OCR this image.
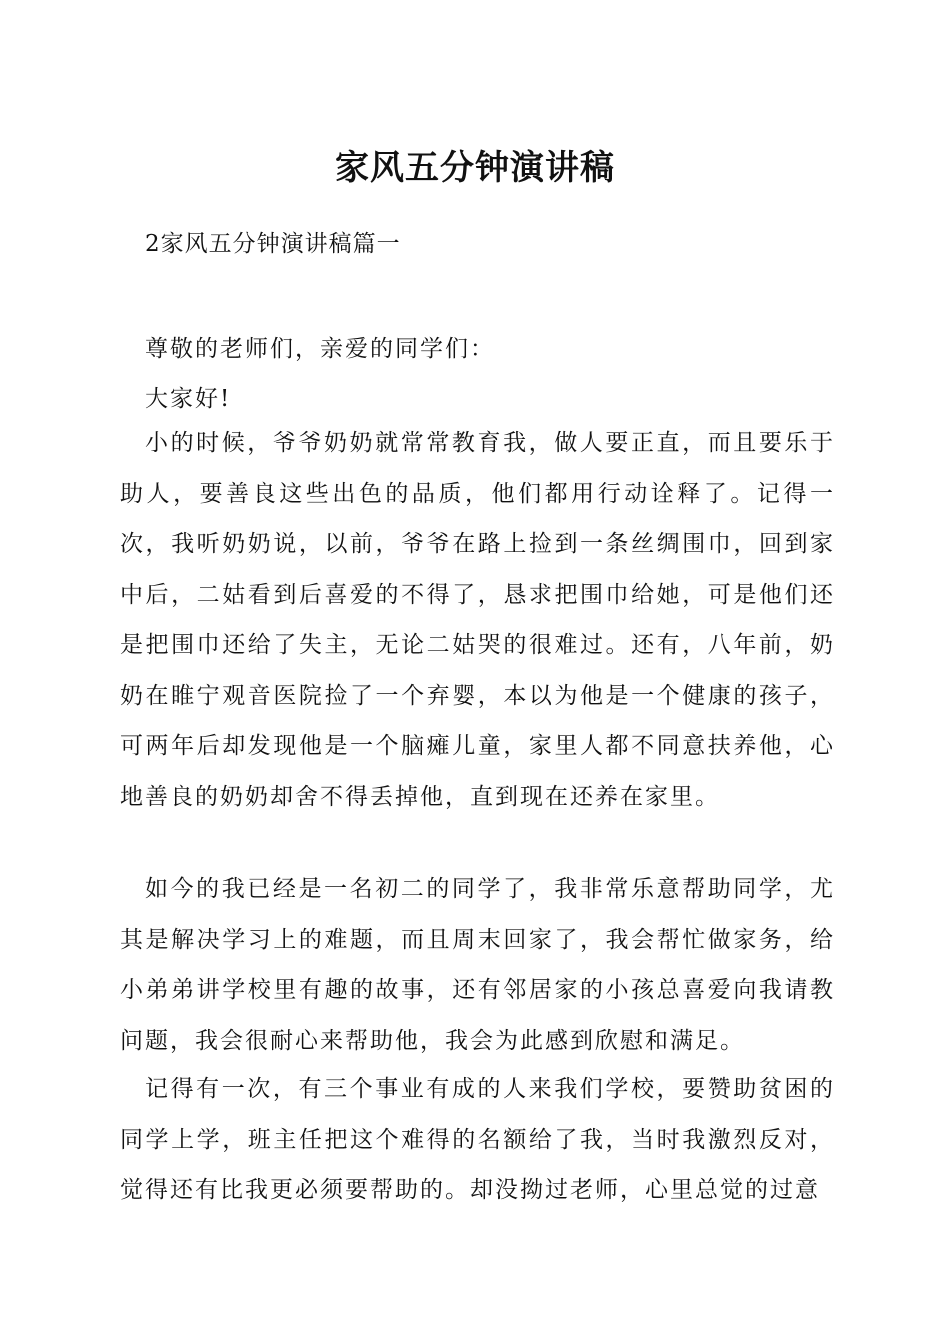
家风五分钟演讲稿

2家风五分钟演讲稿篇一

尊敬的老师们，亲爱的同学们：

大家好!

小的时候，爷爷奶奶就常常教育我，做人要正直，而且要乐于助人，要善良这些出色的品质，他们都用行动诠释了。记得一次，我听奶奶说，以前，爷爷在路上捡到一条丝绸围巾，回到家中后，二姑看到后喜爱的不得了，恳求把围巾给她，可是他们还是把围巾还给了失主，无论二姑哭的很难过。还有，八年前，奶奶在睢宁观音医院捡了一个弃婴，本以为他是一个健康的孩子，可两年后却发现他是一个脑瘫儿童，家里人都不同意扶养他，心地善良的奶奶却舍不得丢掉他，直到现在还养在家里。

如今的我已经是一名初二的同学了，我非常乐意帮助同学，尤其是解决学习上的难题，而且周末回家了，我会帮忙做家务，给小弟弟讲学校里有趣的故事，还有邻居家的小孩总喜爱向我请教问题，我会很耐心来帮助他，我会为此感到欣慰和满足。

记得有一次，有三个事业有成的人来我们学校，要赞助贫困的同学上学，班主任把这个难得的名额给了我，当时我激烈反对，觉得还有比我更必须要帮助的。却没拗过老师，心里总觉的过意
